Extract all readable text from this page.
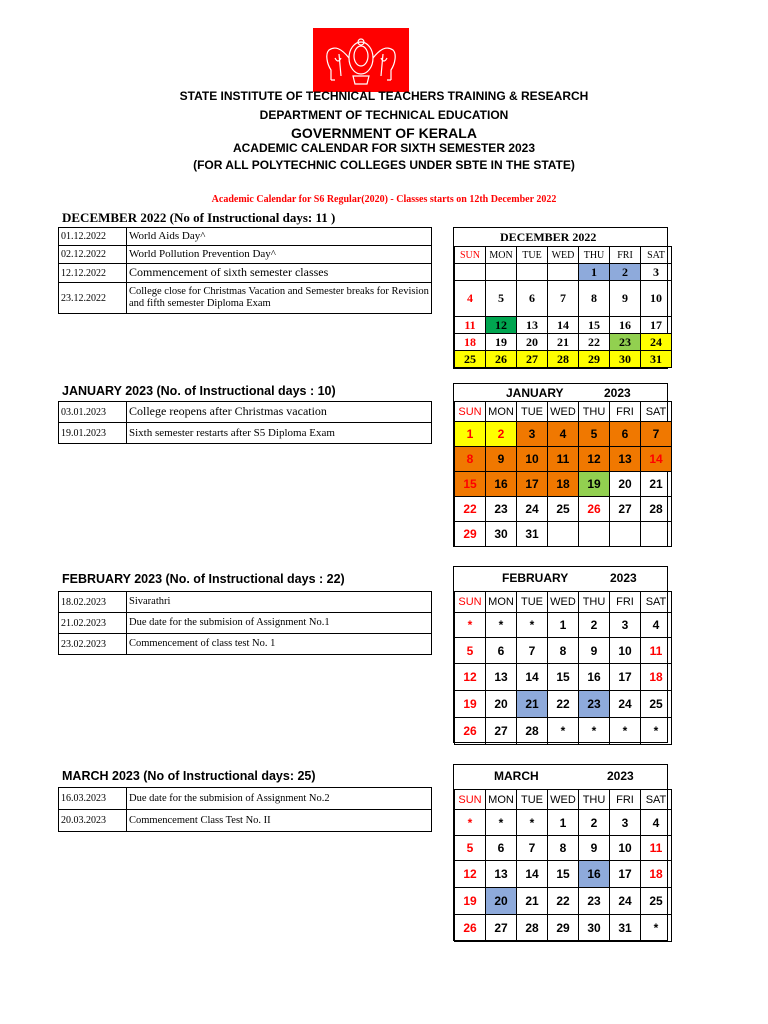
STATE INSTITUTE OF TECHNICAL TEACHERS TRAINING & RESEARCH
DEPARTMENT OF TECHNICAL EDUCATION
GOVERNMENT OF KERALA
ACADEMIC CALENDAR FOR SIXTH SEMESTER 2023
(FOR ALL POLYTECHNIC COLLEGES UNDER SBTE IN THE STATE)
Academic Calendar for S6 Regular(2020) - Classes starts on 12th December 2022
DECEMBER 2022 (No of Instructional days: 11 )
01.12.2022	World Aids Day^
02.12.2022	World Pollution Prevention Day^
12.12.2022	Commencement of sixth semester classes
23.12.2022	College close for Christmas Vacation and Semester breaks for Revision and fifth semester Diploma Exam
DECEMBER 2022
SUN	MON	TUE	WED	THU	FRI	SAT
				1	2	3
4	5	6	7	8	9	10
11	12	13	14	15	16	17
18	19	20	21	22	23	24
25	26	27	28	29	30	31
JANUARY 2023 (No. of Instructional days : 10)
03.01.2023	College reopens after Christmas vacation
19.01.2023	Sixth semester restarts after S5 Diploma Exam
JANUARY	2023
SUN	MON	TUE	WED	THU	FRI	SAT
1	2	3	4	5	6	7
8	9	10	11	12	13	14
15	16	17	18	19	20	21
22	23	24	25	26	27	28
29	30	31				
FEBRUARY 2023 (No. of Instructional days : 22)
18.02.2023	Sivarathri
21.02.2023	Due date for the submision of Assignment No.1
23.02.2023	Commencement of class test No. 1
FEBRUARY	2023
SUN	MON	TUE	WED	THU	FRI	SAT
*	*	*	1	2	3	4
5	6	7	8	9	10	11
12	13	14	15	16	17	18
19	20	21	22	23	24	25
26	27	28	*	*	*	*
MARCH 2023 (No of Instructional days: 25)
16.03.2023	Due date for the submision of Assignment No.2
20.03.2023	Commencement Class Test No. II
MARCH	2023
SUN	MON	TUE	WED	THU	FRI	SAT
*	*	*	1	2	3	4
5	6	7	8	9	10	11
12	13	14	15	16	17	18
19	20	21	22	23	24	25
26	27	28	29	30	31	*
